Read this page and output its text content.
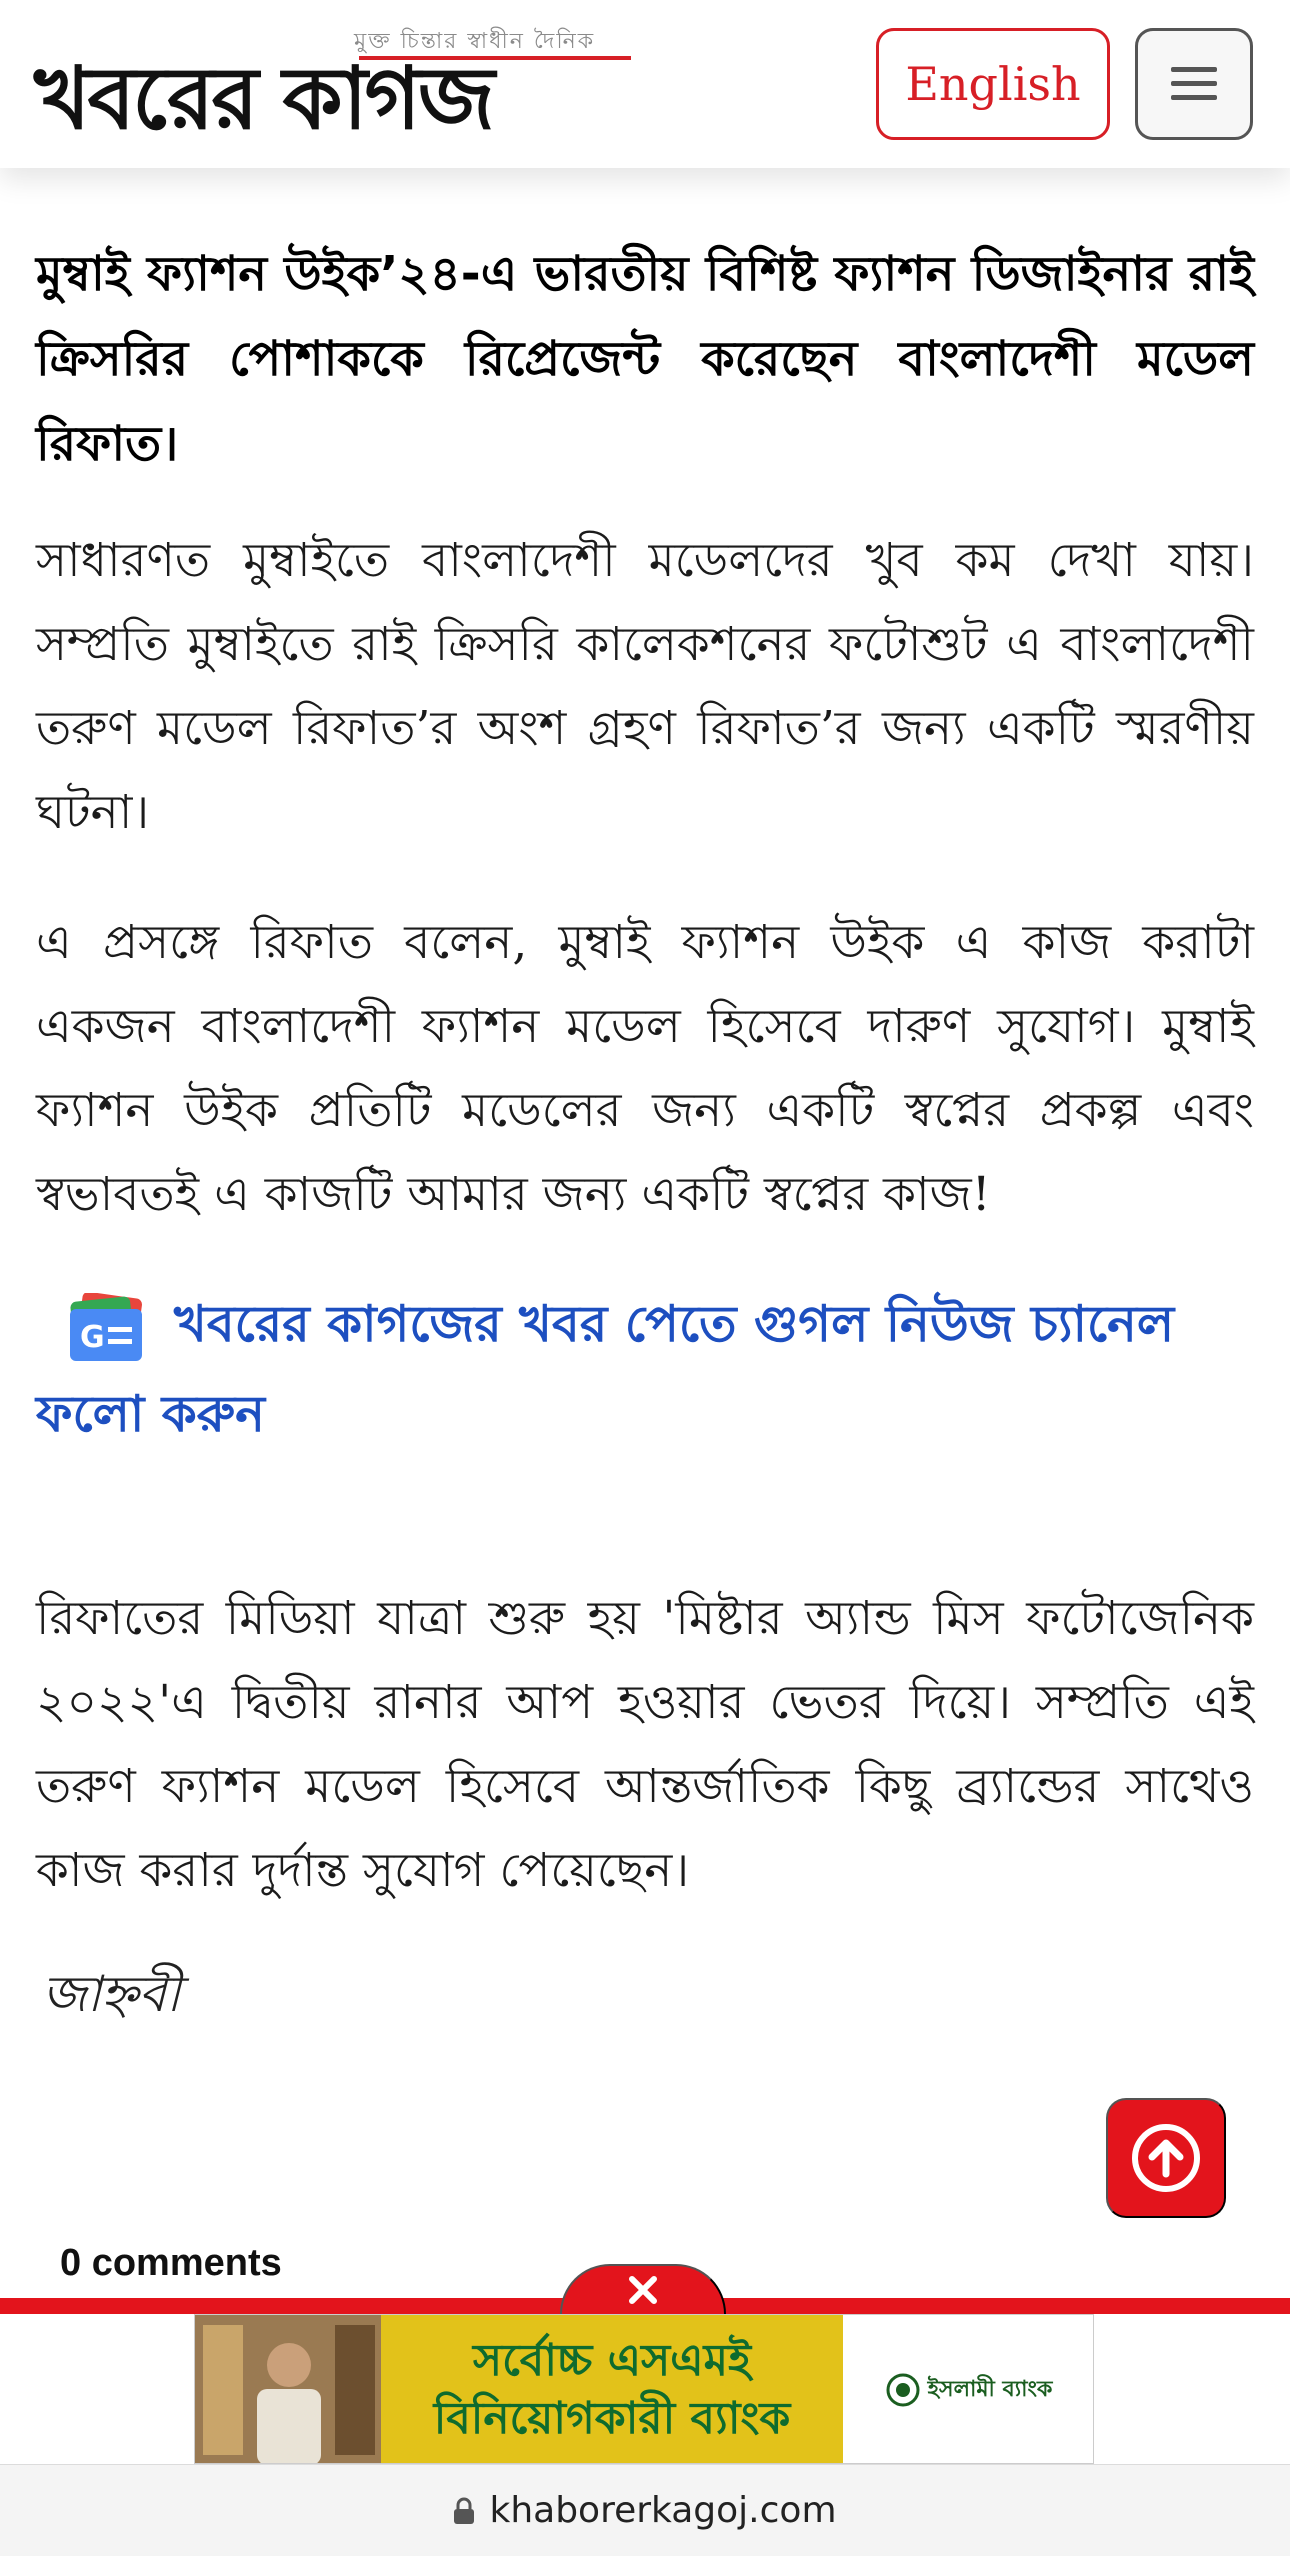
মুক্ত চিন্তার স্বাধীন দৈনিক
খবরের কাগজ	English

মুম্বাই ফ্যাশন উইক’২৪-এ ভারতীয় বিশিষ্ট ফ্যাশন ডিজাইনার রাই ক্রিসরির পোশাককে রিপ্রেজেন্ট করেছেন বাংলাদেশী মডেল রিফাত।

সাধারণত মুম্বাইতে বাংলাদেশী মডেলদের খুব কম দেখা যায়। সম্প্রতি মুম্বাইতে রাই ক্রিসরি কালেকশনের ফটোশুট এ বাংলাদেশী তরুণ মডেল রিফাত’র অংশ গ্রহণ রিফাত’র জন্য একটি স্মরণীয় ঘটনা।

এ প্রসঙ্গে রিফাত বলেন, মুম্বাই ফ্যাশন উইক এ কাজ করাটা একজন বাংলাদেশী ফ্যাশন মডেল হিসেবে দারুণ সুযোগ। মুম্বাই ফ্যাশন উইক প্রতিটি মডেলের জন্য একটি স্বপ্নের প্রকল্প এবং স্বভাবতই এ কাজটি আমার জন্য একটি স্বপ্নের কাজ!

G খবরের কাগজের খবর পেতে গুগল নিউজ চ্যানেল ফলো করুন

রিফাতের মিডিয়া যাত্রা শুরু হয় 'মিষ্টার অ্যান্ড মিস ফটোজেনিক ২০২২'এ দ্বিতীয় রানার আপ হওয়ার ভেতর দিয়ে। সম্প্রতি এই তরুণ ফ্যাশন মডেল হিসেবে আন্তর্জাতিক কিছু ব্র্যান্ডের সাথেও কাজ করার দুর্দান্ত সুযোগ পেয়েছেন।

জাহ্নবী

0 comments
সর্বোচ্চ এসএমই
বিনিয়োগকারী ব্যাংক
ইসলামী ব্যাংক
khaborerkagoj.com
